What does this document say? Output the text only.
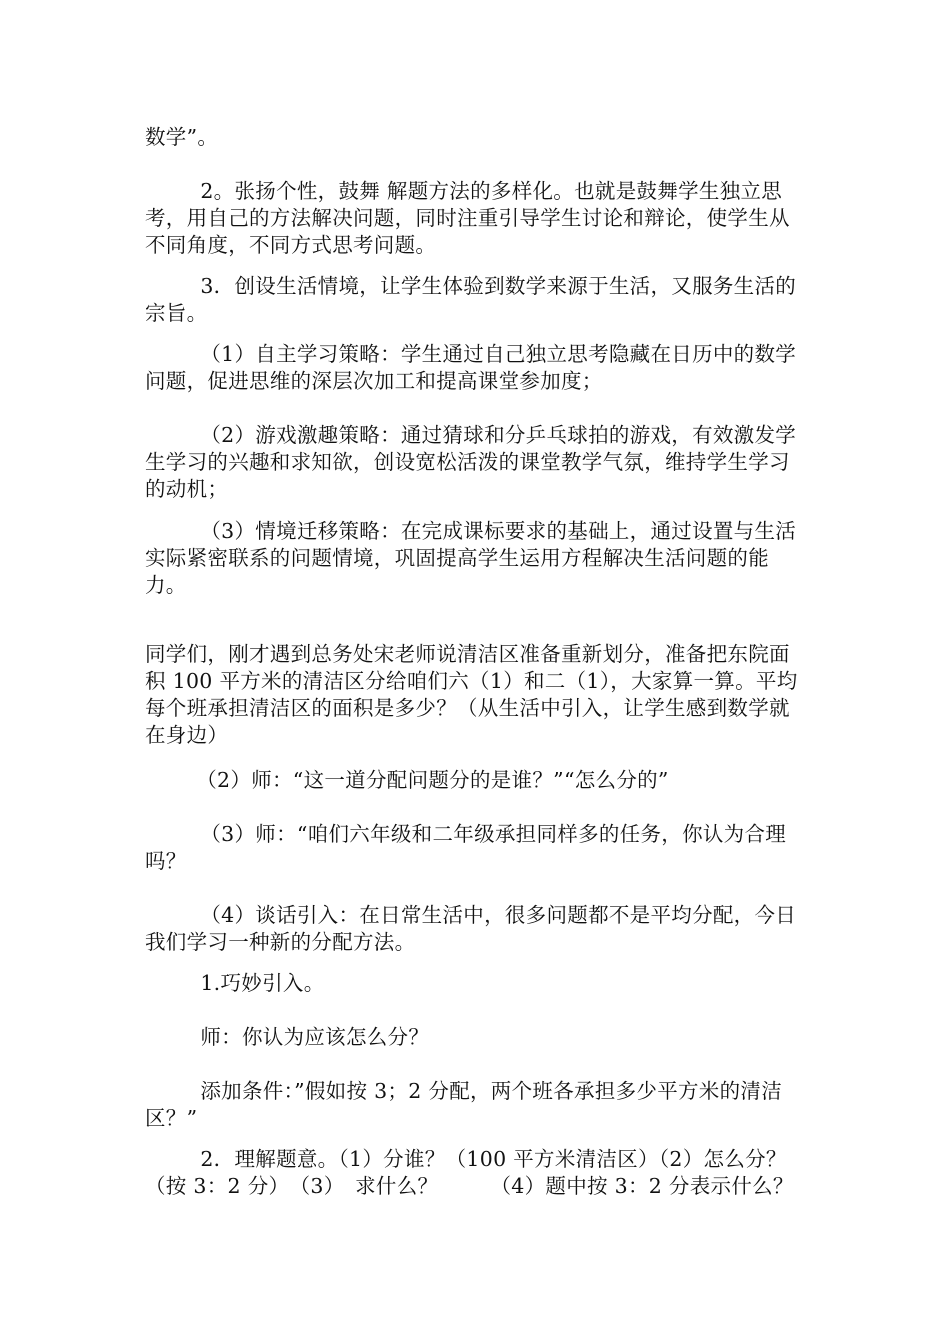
数学”。

2。张扬个性，鼓舞 解题方法的多样化。也就是鼓舞学生独立思考，用自己的方法解决问题，同时注重引导学生讨论和辩论，使学生从不同角度，不同方式思考问题。

3．创设生活情境，让学生体验到数学来源于生活，又服务生活的宗旨。

（1）自主学习策略：学生通过自己独立思考隐藏在日历中的数学问题，促进思维的深层次加工和提高课堂参加度；

（2）游戏激趣策略：通过猜球和分乒乓球拍的游戏，有效激发学生学习的兴趣和求知欲，创设宽松活泼的课堂教学气氛，维持学生学习的动机；

（3）情境迁移策略：在完成课标要求的基础上，通过设置与生活实际紧密联系的问题情境，巩固提高学生运用方程解决生活问题的能力。

同学们，刚才遇到总务处宋老师说清洁区准备重新划分，准备把东院面积 100 平方米的清洁区分给咱们六（1）和二（1），大家算一算。平均每个班承担清洁区的面积是多少？（从生活中引入，让学生感到数学就在身边）

（2）师：“这一道分配问题分的是谁？”“怎么分的”

（3）师：“咱们六年级和二年级承担同样多的任务，你认为合理吗？

（4）谈话引入：在日常生活中，很多问题都不是平均分配，今日我们学习一种新的分配方法。

1.巧妙引入。

师：你认为应该怎么分？

添加条件：”假如按 3；2 分配，两个班各承担多少平方米的清洁区？”

2．理解题意。（1）分谁？（100 平方米清洁区）（2）怎么分？（按 3：2 分）　（3）　求什么？　　　（4）题中按 3：2 分表示什么？
